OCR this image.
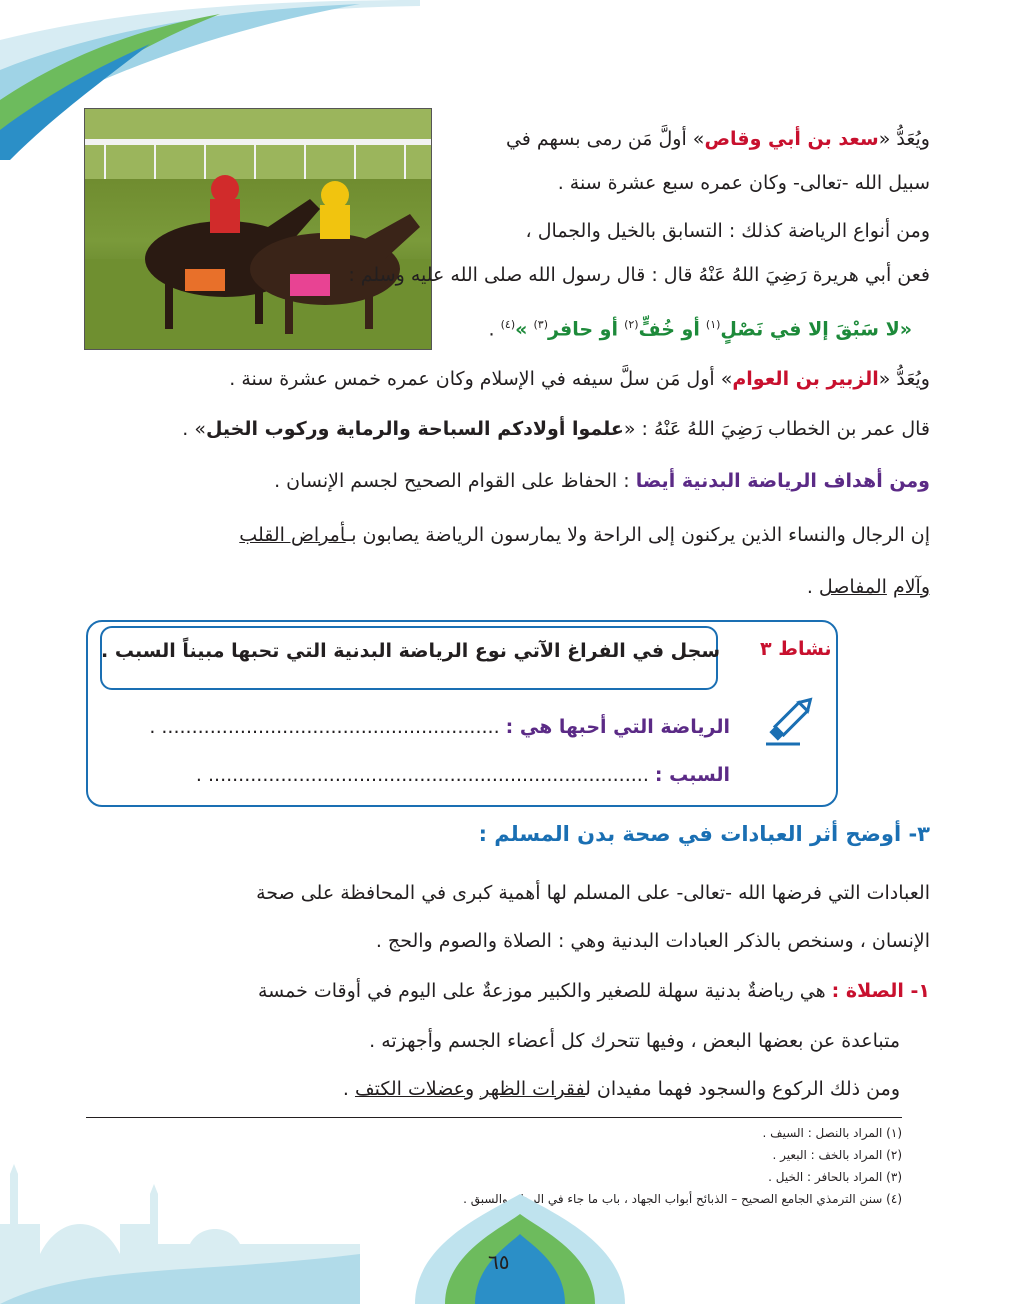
ويُعَدُّ «سعد بن أبي وقاص» أولَّ مَن رمى بسهم في
سبيل الله -تعالى- وكان عمره سبع عشرة سنة .
ومن أنواع الرياضة كذلك : التسابق بالخيل والجمال ،
فعن أبي هريرة رَضِيَ اللهُ عَنْهُ قال : قال رسول الله صلى الله عليه وسلم :
«لا سَبْقَ إلا في نَصْلٍ$^{(١)}$ أو خُفٍّ$^{(٢)}$ أو حافر$^{(٣)}$ »$^{(٤)}$ .
ويُعَدُّ «الزبير بن العوام» أول مَن سلَّ سيفه في الإسلام وكان عمره خمس عشرة سنة .
قال عمر بن الخطاب رَضِيَ اللهُ عَنْهُ : «علموا أولادكم السباحة والرماية وركوب الخيل» .
ومن أهداف الرياضة البدنية أيضا : الحفاظ على القوام الصحيح لجسم الإنسان .
إن الرجال والنساء الذين يركنون إلى الراحة ولا يمارسون الرياضة يصابون بـأمراض القلب
وآلام المفاصل .
نشاط ٣
سجل في الفراغ الآتي نوع الرياضة البدنية التي تحبها مبيناً السبب .
الرياضة التي أحبها هي : ........................................................ .
السبب : ......................................................................... .
٣- أوضح أثر العبادات في صحة بدن المسلم :
العبادات التي فرضها الله -تعالى- على المسلم لها أهمية كبرى في المحافظة على صحة
الإنسان ، وسنخص بالذكر العبادات البدنية وهي : الصلاة والصوم والحج .
١- الصلاة : هي رياضةٌ بدنية سهلة للصغير والكبير موزعةٌ على اليوم في أوقات خمسة
متباعدة عن بعضها البعض ، وفيها تتحرك كل أعضاء الجسم وأجهزته .
ومن ذلك الركوع والسجود فهما مفيدان لفقرات الظهر وعضلات الكتف .
(١) المراد بالنصل : السيف .
(٢) المراد بالخف : البعير .
(٣) المراد بالحافر : الخيل .
(٤) سنن الترمذي الجامع الصحيح – الذبائح أبواب الجهاد ، باب ما جاء في الرهان والسبق .
٦٥
